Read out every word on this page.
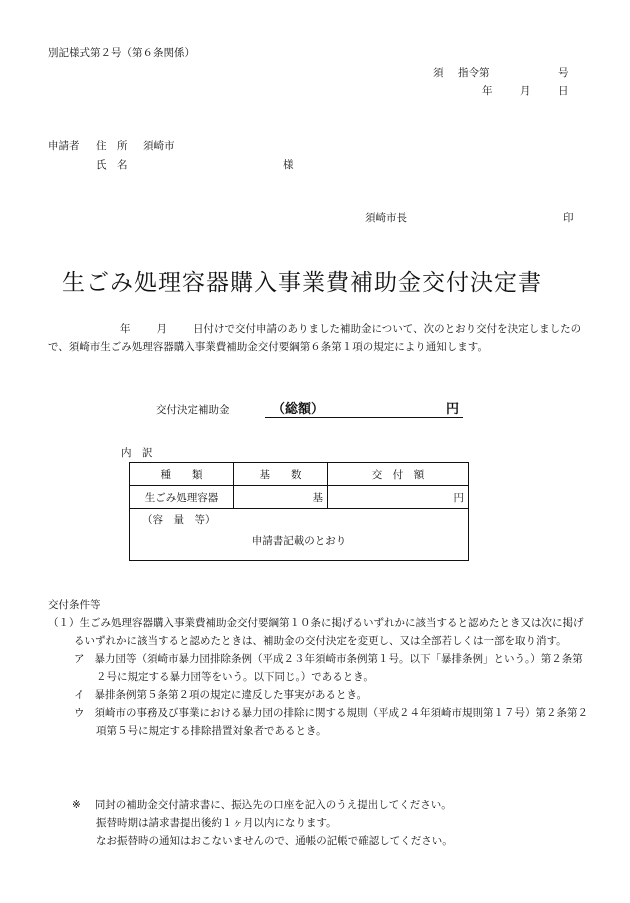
別記様式第２号（第６条関係）
須 指令第	号
年	月	日
申請者 住　所 須崎市
氏　名	様
須崎市長	印
生ごみ処理容器購入事業費補助金交付決定書
年 月 日付けで交付申請のありました補助金について、次のとおり交付を決定しましたので、須崎市生ごみ処理容器購入事業費補助金交付要綱第６条第１項の規定により通知します。
交付決定補助金	（総額）	円
内　訳
種　　類	基　　数	交　付　額
生ごみ処理容器	基	円

（容　量　等）
申請書記載のとおり		
交付条件等
（１）生ごみ処理容器購入事業費補助金交付要綱第１０条に掲げるいずれかに該当すると認めたとき又は次に掲げるいずれかに該当すると認めたときは、補助金の交付決定を変更し、又は全部若しくは一部を取り消す。
ア 暴力団等（須崎市暴力団排除条例（平成２３年須崎市条例第１号。以下「暴排条例」という。）第２条第２号に規定する暴力団等をいう。以下同じ。）であるとき。
イ 暴排条例第５条第２項の規定に違反した事実があるとき。
ウ 須崎市の事務及び事業における暴力団の排除に関する規則（平成２４年須崎市規則第１７号）第２条第２項第５号に規定する排除措置対象者であるとき。
※ 同封の補助金交付請求書に、振込先の口座を記入のうえ提出してください。
振替時期は請求書提出後約１ヶ月以内になります。
なお振替時の通知はおこないませんので、通帳の記帳で確認してください。
